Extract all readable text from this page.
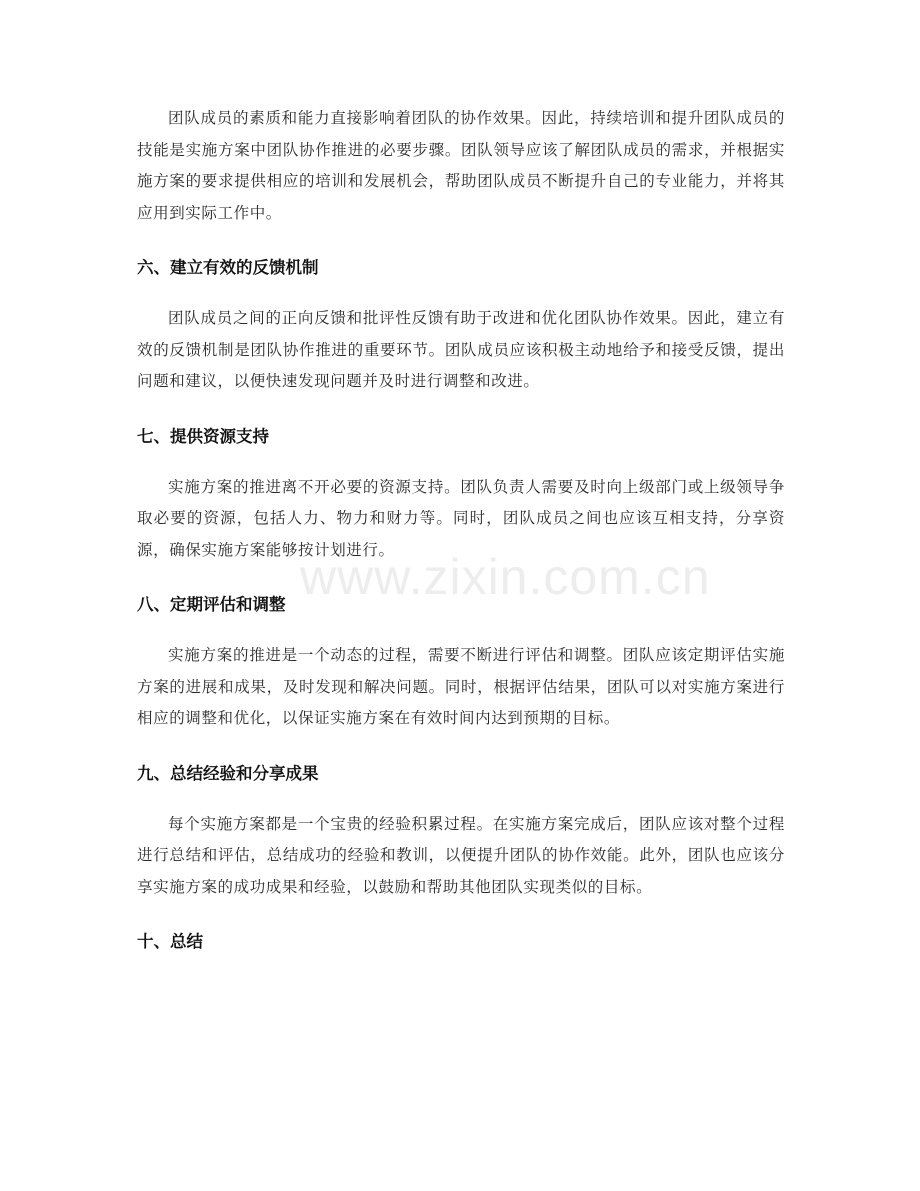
团队成员的素质和能力直接影响着团队的协作效果。因此，持续培训和提升团队成员的技能是实施方案中团队协作推进的必要步骤。团队领导应该了解团队成员的需求，并根据实施方案的要求提供相应的培训和发展机会，帮助团队成员不断提升自己的专业能力，并将其应用到实际工作中。

六、建立有效的反馈机制

团队成员之间的正向反馈和批评性反馈有助于改进和优化团队协作效果。因此，建立有效的反馈机制是团队协作推进的重要环节。团队成员应该积极主动地给予和接受反馈，提出问题和建议，以便快速发现问题并及时进行调整和改进。

七、提供资源支持

实施方案的推进离不开必要的资源支持。团队负责人需要及时向上级部门或上级领导争取必要的资源，包括人力、物力和财力等。同时，团队成员之间也应该互相支持，分享资源，确保实施方案能够按计划进行。

八、定期评估和调整

实施方案的推进是一个动态的过程，需要不断进行评估和调整。团队应该定期评估实施方案的进展和成果，及时发现和解决问题。同时，根据评估结果，团队可以对实施方案进行相应的调整和优化，以保证实施方案在有效时间内达到预期的目标。

九、总结经验和分享成果

每个实施方案都是一个宝贵的经验积累过程。在实施方案完成后，团队应该对整个过程进行总结和评估，总结成功的经验和教训，以便提升团队的协作效能。此外，团队也应该分享实施方案的成功成果和经验，以鼓励和帮助其他团队实现类似的目标。

十、总结
www.zixin.com.cn
